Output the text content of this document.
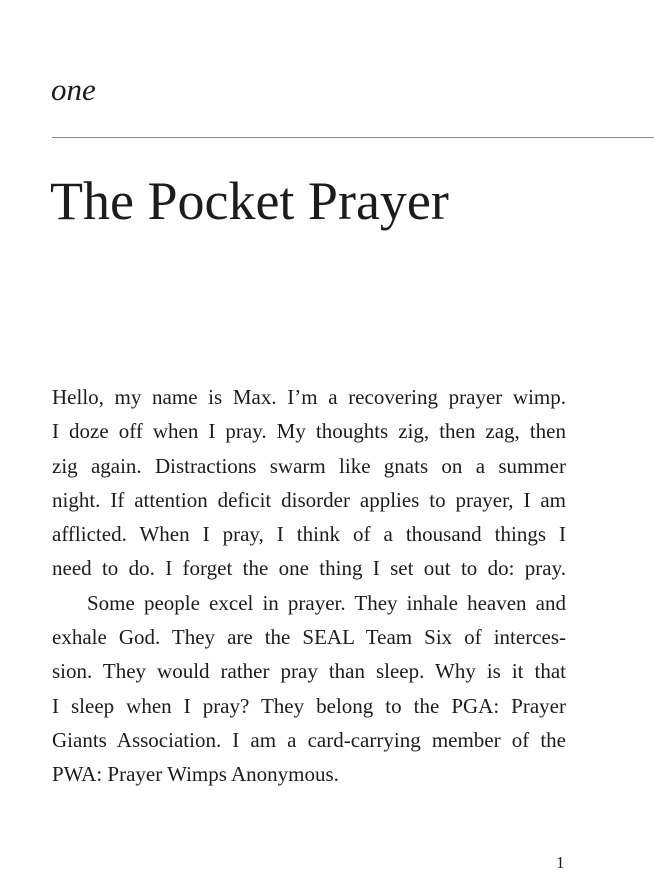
one

The Pocket Prayer

Hello, my name is Max. I’m a recovering prayer wimp.
I doze off when I pray. My thoughts zig, then zag, then
zig again. Distractions swarm like gnats on a summer
night. If attention deficit disorder applies to prayer, I am
afflicted. When I pray, I think of a thousand things I
need to do. I forget the one thing I set out to do: pray.

Some people excel in prayer. They inhale heaven and
exhale God. They are the SEAL Team Six of interces-
sion. They would rather pray than sleep. Why is it that
I sleep when I pray? They belong to the PGA: Prayer
Giants Association. I am a card-carrying member of the
PWA: Prayer Wimps Anonymous.

1
